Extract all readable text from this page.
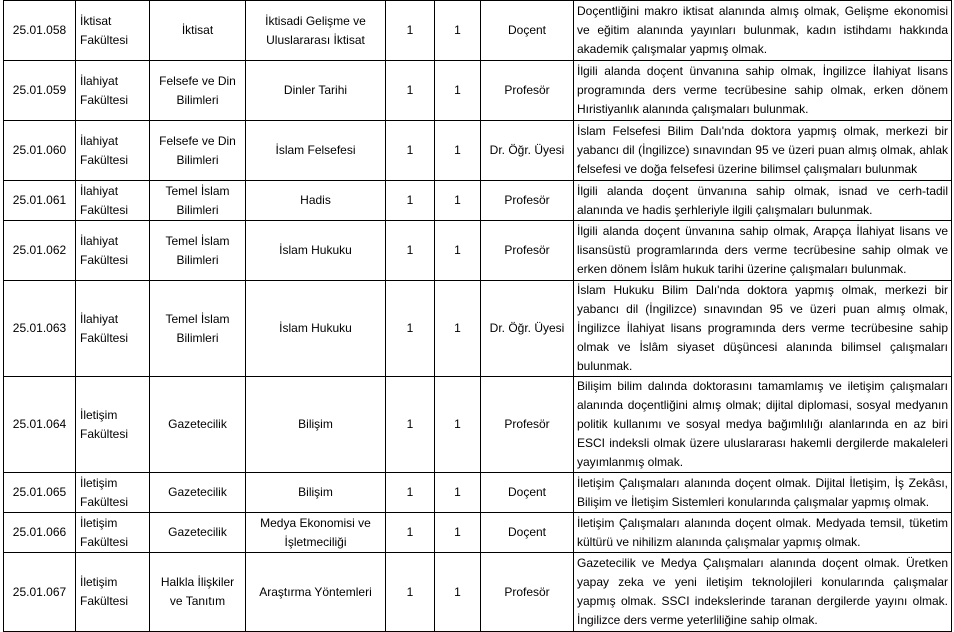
25.01.058	İktisat Fakültesi	İktisat	İktisadi Gelişme ve Uluslararası İktisat	1	1	Doçent	Doçentliğini makro iktisat alanında almış olmak, Gelişme ekonomisi ve eğitim alanında yayınları bulunmak, kadın istihdamı hakkında akademik çalışmalar yapmış olmak.
25.01.059	İlahiyat Fakültesi	Felsefe ve Din Bilimleri	Dinler Tarihi	1	1	Profesör	İlgili alanda doçent ünvanına sahip olmak, İngilizce İlahiyat lisans programında ders verme tecrübesine sahip olmak, erken dönem Hıristiyanlık alanında çalışmaları bulunmak.
25.01.060	İlahiyat Fakültesi	Felsefe ve Din Bilimleri	İslam Felsefesi	1	1	Dr. Öğr. Üyesi	İslam Felsefesi Bilim Dalı'nda doktora yapmış olmak, merkezi bir yabancı dil (İngilizce) sınavından 95 ve üzeri puan almış olmak, ahlak felsefesi ve doğa felsefesi üzerine bilimsel çalışmaları bulunmak
25.01.061	İlahiyat Fakültesi	Temel İslam Bilimleri	Hadis	1	1	Profesör	İlgili alanda doçent ünvanına sahip olmak, isnad ve cerh-tadil alanında ve hadis şerhleriyle ilgili çalışmaları bulunmak.
25.01.062	İlahiyat Fakültesi	Temel İslam Bilimleri	İslam Hukuku	1	1	Profesör	İlgili alanda doçent ünvanına sahip olmak, Arapça İlahiyat lisans ve lisansüstü programlarında ders verme tecrübesine sahip olmak ve erken dönem İslâm hukuk tarihi üzerine çalışmaları bulunmak.
25.01.063	İlahiyat Fakültesi	Temel İslam Bilimleri	İslam Hukuku	1	1	Dr. Öğr. Üyesi	İslam Hukuku Bilim Dalı'nda doktora yapmış olmak, merkezi bir yabancı dil (İngilizce) sınavından 95 ve üzeri puan almış olmak, İngilizce İlahiyat lisans programında ders verme tecrübesine sahip olmak ve İslâm siyaset düşüncesi alanında bilimsel çalışmaları bulunmak.
25.01.064	İletişim Fakültesi	Gazetecilik	Bilişim	1	1	Profesör	Bilişim bilim dalında doktorasını tamamlamış ve iletişim çalışmaları alanında doçentliğini almış olmak; dijital diplomasi, sosyal medyanın politik kullanımı ve sosyal medya bağımlılığı alanlarında en az biri ESCI indeksli olmak üzere uluslararası hakemli dergilerde makaleleri yayımlanmış olmak.
25.01.065	İletişim Fakültesi	Gazetecilik	Bilişim	1	1	Doçent	İletişim Çalışmaları alanında doçent olmak. Dijital İletişim, İş Zekâsı, Bilişim ve İletişim Sistemleri konularında çalışmalar yapmış olmak.
25.01.066	İletişim Fakültesi	Gazetecilik	Medya Ekonomisi ve İşletmeciliği	1	1	Doçent	İletişim Çalışmaları alanında doçent olmak. Medyada temsil, tüketim kültürü ve nihilizm alanında çalışmalar yapmış olmak.
25.01.067	İletişim Fakültesi	Halkla İlişkiler ve Tanıtım	Araştırma Yöntemleri	1	1	Profesör	Gazetecilik ve Medya Çalışmaları alanında doçent olmak. Üretken yapay zeka ve yeni iletişim teknolojileri konularında çalışmalar yapmış olmak. SSCI indekslerinde taranan dergilerde yayını olmak. İngilizce ders verme yeterliliğine sahip olmak.
